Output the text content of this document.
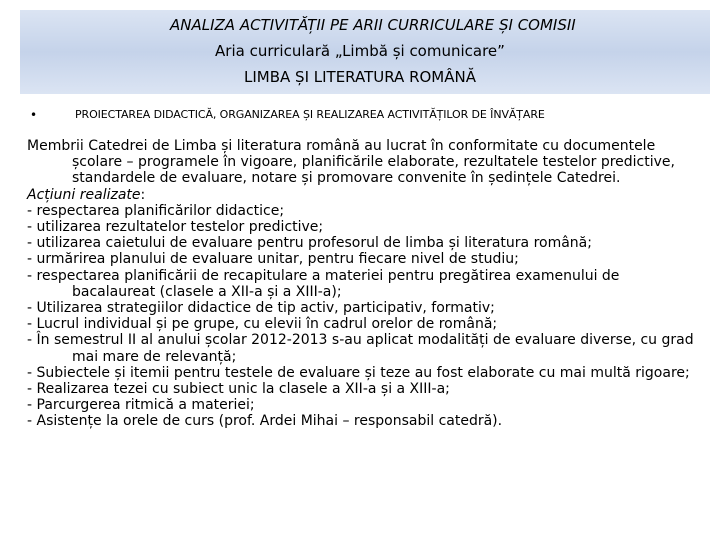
ANALIZA ACTIVITĂȚII PE ARII CURRICULARE ȘI COMISII
Aria curriculară „Limbă și comunicare”
LIMBA ȘI LITERATURA ROMÂNĂ
•	PROIECTAREA DIDACTICĂ, ORGANIZAREA ȘI REALIZAREA ACTIVITĂȚILOR DE ÎNVĂȚARE

Membrii Catedrei de Limba și literatura română au lucrat în conformitate cu documentele școlare – programele în vigoare, planificările elaborate, rezultatele testelor predictive, standardele de evaluare, notare și promovare convenite în ședințele Catedrei.

Acțiuni realizate:

- respectarea planificărilor didactice;

- utilizarea rezultatelor testelor predictive;

- utilizarea caietului de evaluare pentru profesorul de limba și literatura română;

- urmărirea planului de evaluare unitar, pentru fiecare nivel de studiu;

- respectarea planificării de recapitulare a materiei pentru pregătirea examenului de bacalaureat (clasele a XII-a și a XIII-a);

- Utilizarea strategiilor didactice de tip activ, participativ, formativ;

- Lucrul individual și pe grupe, cu elevii în cadrul orelor de română;

- În semestrul II al anului școlar 2012-2013 s-au aplicat modalități de evaluare diverse, cu grad mai mare de relevanță;

- Subiectele și itemii pentru testele de evaluare și teze au fost elaborate cu mai multă rigoare;

- Realizarea tezei cu subiect unic la clasele a XII-a și a XIII-a;

- Parcurgerea ritmică a materiei;

- Asistențe la orele de curs (prof. Ardei Mihai – responsabil catedră).
